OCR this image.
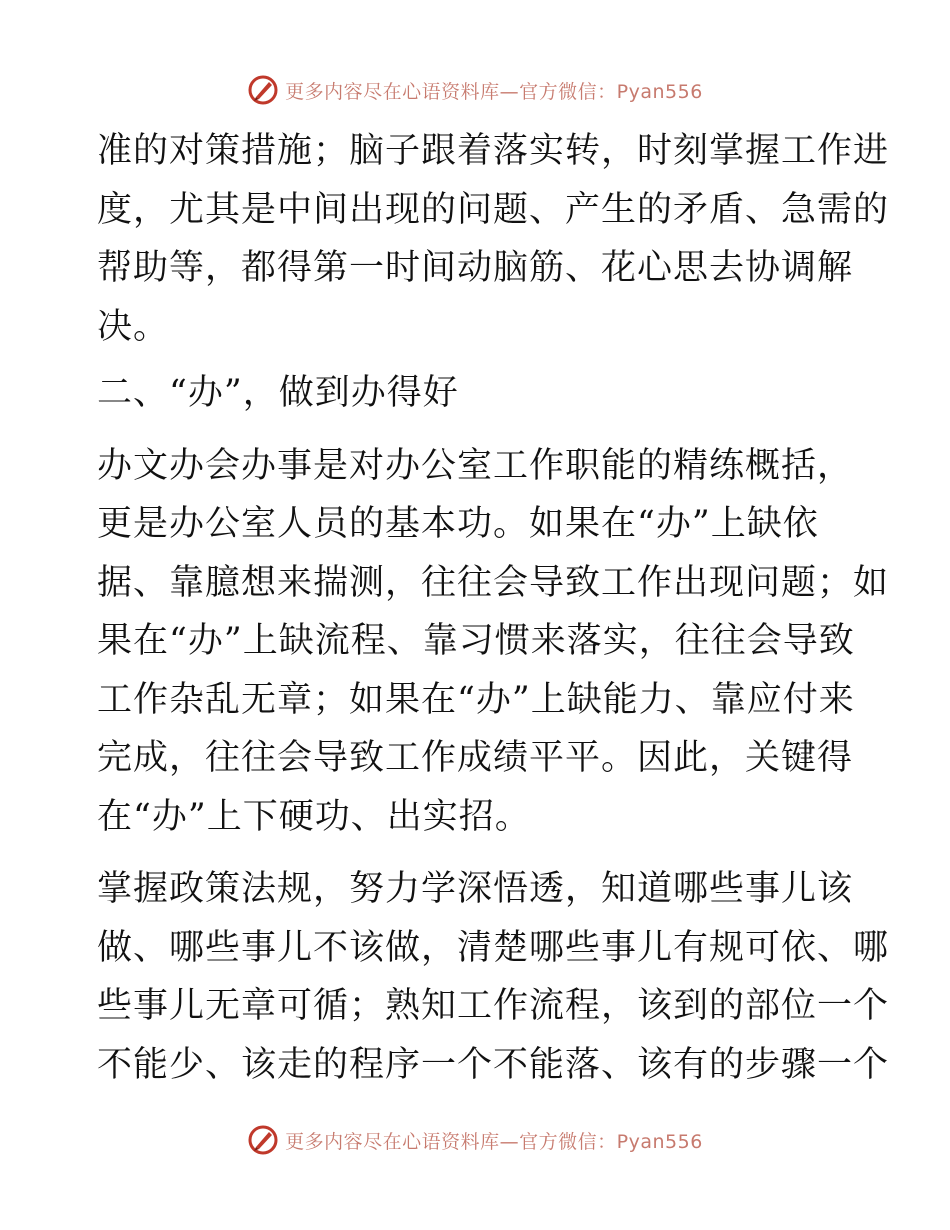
更多内容尽在心语资料库—官方微信：Pyan556

准的对策措施；脑子跟着落实转，时刻掌握工作进
度，尤其是中间出现的问题、产生的矛盾、急需的
帮助等，都得第一时间动脑筋、花心思去协调解
决。

二、“办”，做到办得好

办文办会办事是对办公室工作职能的精练概括，
更是办公室人员的基本功。如果在“办”上缺依
据、靠臆想来揣测，往往会导致工作出现问题；如
果在“办”上缺流程、靠习惯来落实，往往会导致
工作杂乱无章；如果在“办”上缺能力、靠应付来
完成，往往会导致工作成绩平平。因此，关键得
在“办”上下硬功、出实招。

掌握政策法规，努力学深悟透，知道哪些事儿该
做、哪些事儿不该做，清楚哪些事儿有规可依、哪
些事儿无章可循；熟知工作流程，该到的部位一个
不能少、该走的程序一个不能落、该有的步骤一个

更多内容尽在心语资料库—官方微信：Pyan556
